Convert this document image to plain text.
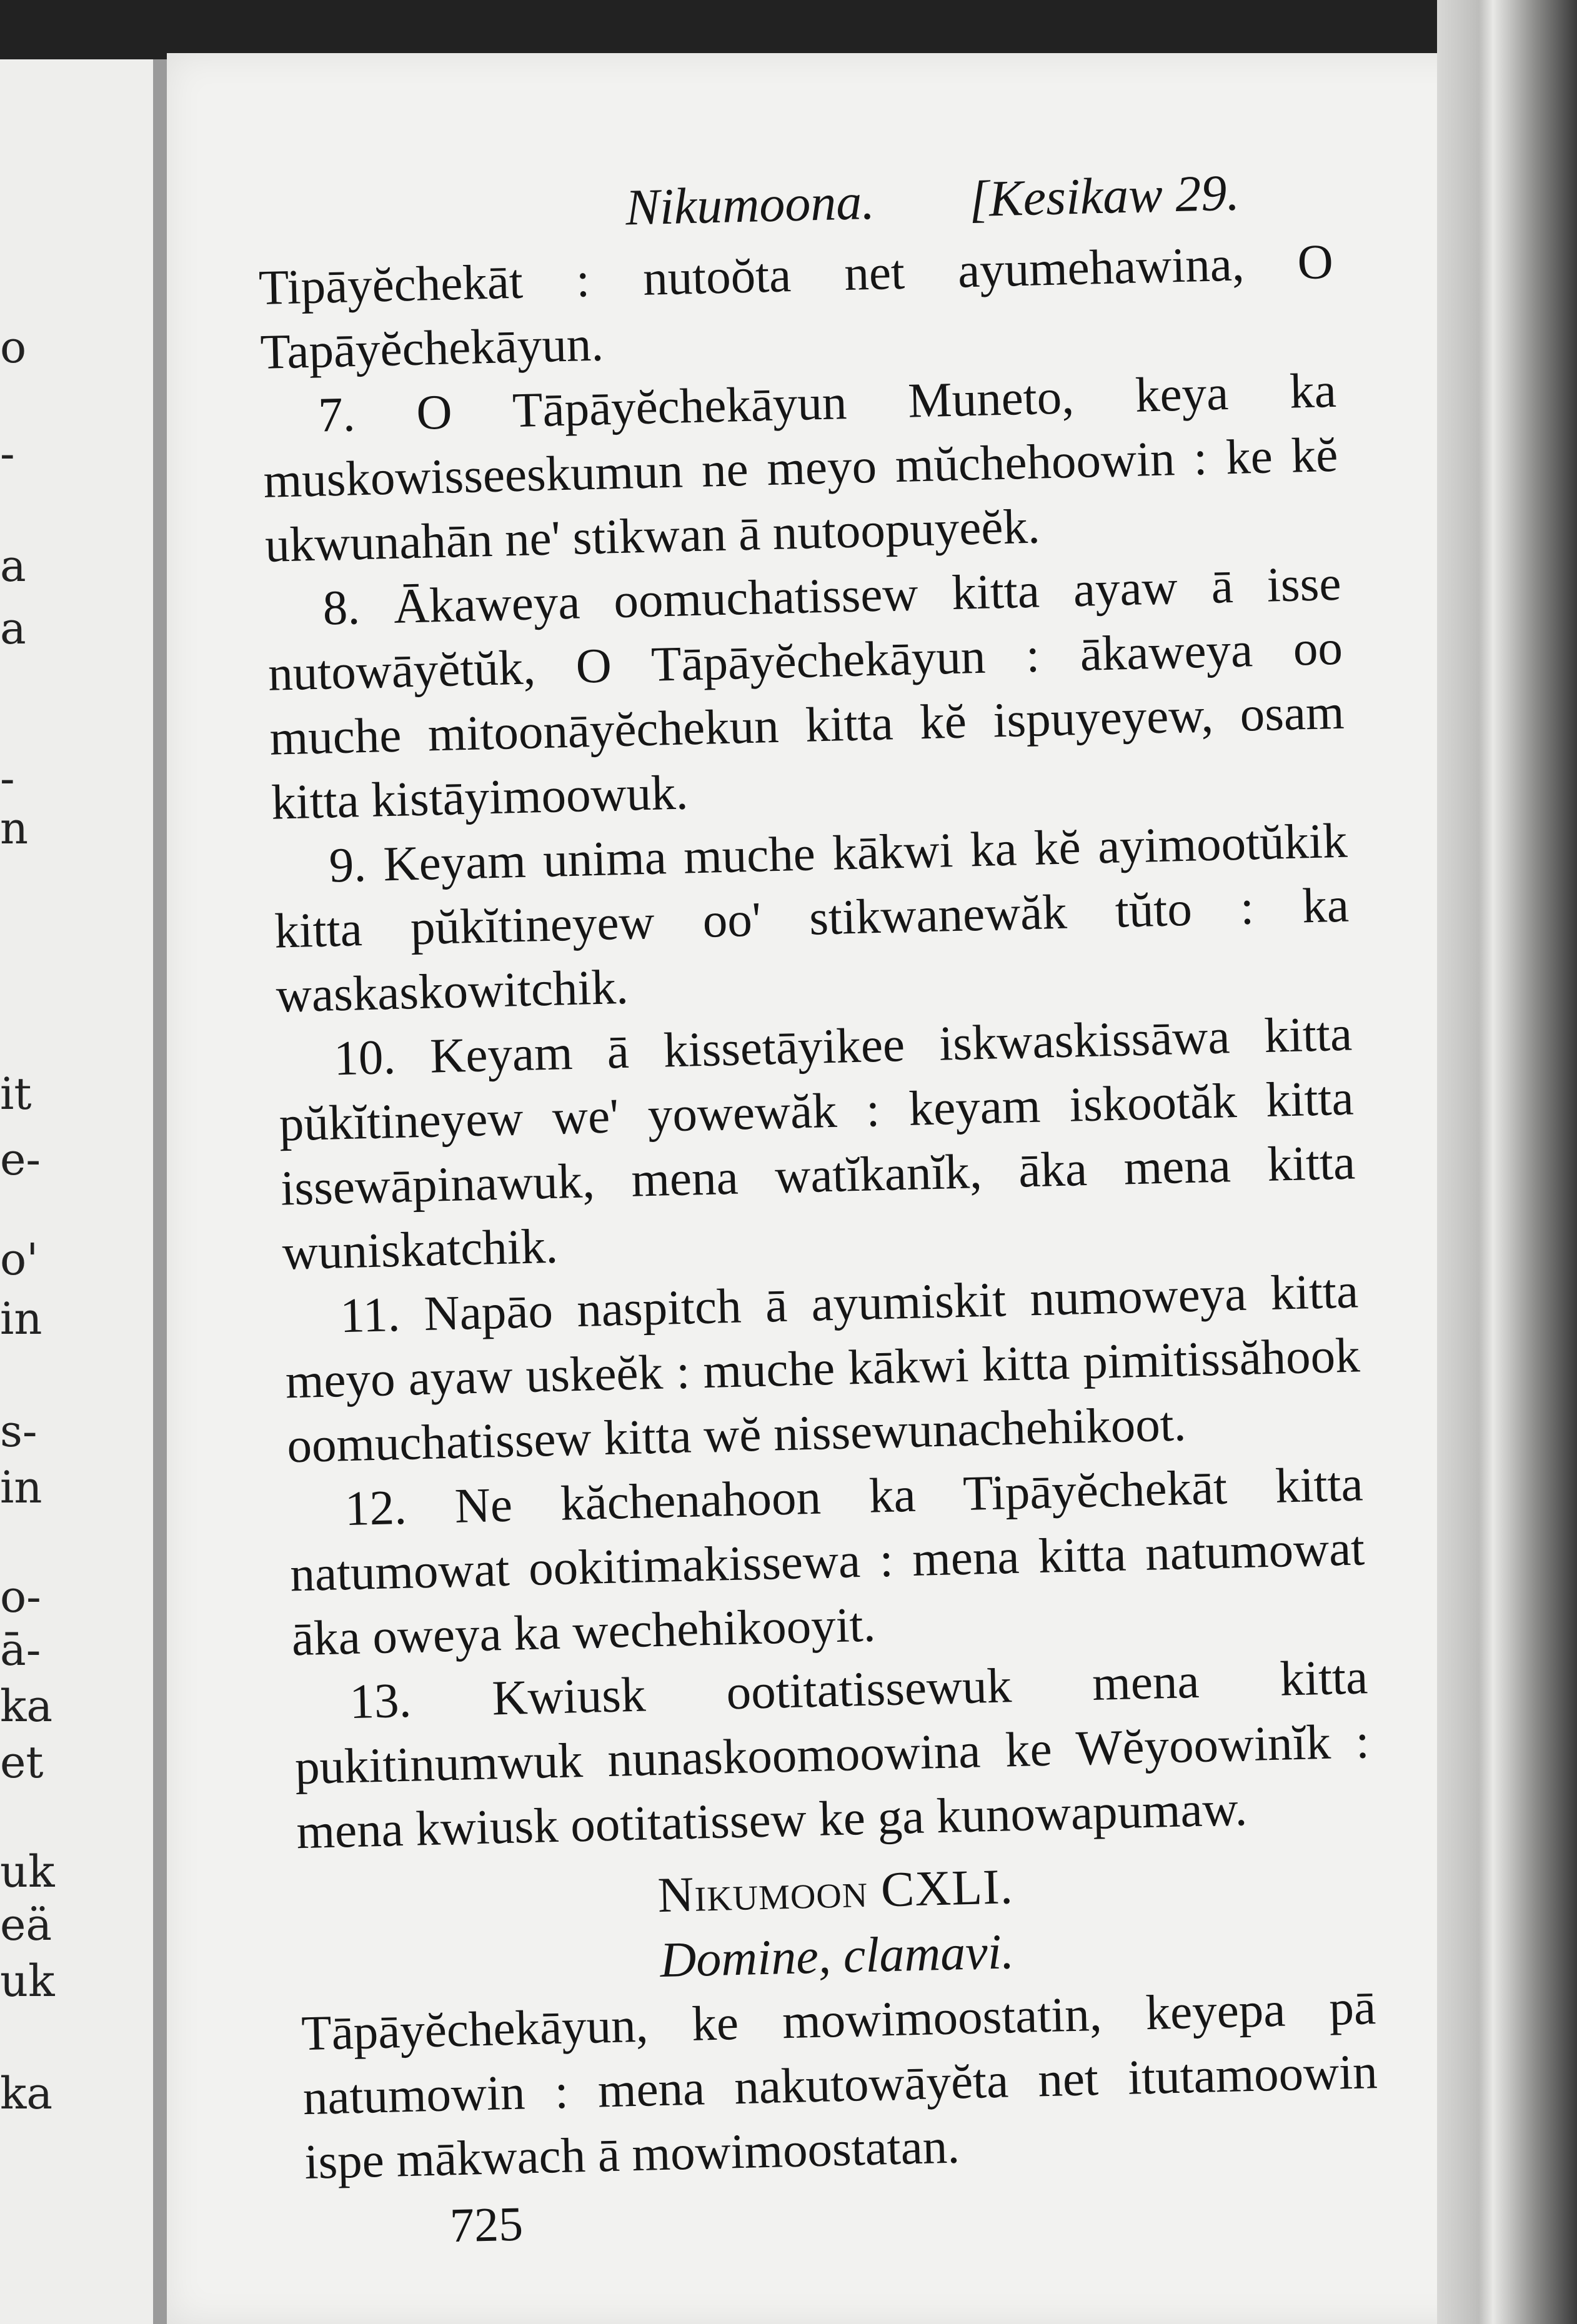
o
-
a
a
-
n
it
e-
o'
in
s-
in
o-
ā-
ka
et
uk
eä
uk
ka
Nikumoona. [Kesikaw 29.

Tipāyĕchekāt : nutoŏta net ayumehawina, O Tapāyĕchekāyun.

7. O Tāpāyĕchekāyun Muneto, keya ka muskowisseeskumun ne meyo mŭchehoowin : ke kĕ ukwunahān ne' stikwan ā nutoopuyeĕk.

8. Ākaweya oomuchatissew kitta ayaw ā isse nutowāyĕtŭk, O Tāpāyĕchekāyun : ākaweya oo muche mitoonāyĕchekun kitta kĕ ispuyeyew, osam kitta kistāyimoowuk.

9. Keyam unima muche kākwi ka kĕ ayimootŭkik kitta pŭkĭtineyew oo' stikwanewăk tŭto : ka waskaskowitchik.

10. Keyam ā kissetāyikee iskwaskissāwa kitta pŭkĭtineyew we' yowewăk : keyam iskootăk kitta issewāpinawuk, mena watĭkanĭk, āka mena kitta wuniskatchik.

11. Napāo naspitch ā ayumiskit numoweya kitta meyo ayaw uskeĕk : muche kākwi kitta pimitissăhook oomuchatissew kitta wĕ nissewunachehikoot.

12. Ne kăchenahoon ka Tipāyĕchekāt kitta natumowat ookitimakissewa : mena kitta natumowat āka oweya ka wechehikooyit.

13. Kwiusk ootitatissewuk mena kitta pukitinumwuk nunaskoomoowina ke Wĕyoowinĭk : mena kwiusk ootitatissew ke ga kunowapumaw.

Nikumoon CXLI.
Domine, clamavi.

Tāpāyĕchekāyun, ke mowimoostatin, keyepa pā natumowin : mena nakutowāyĕta net itutamoowin ispe mākwach ā mowimoostatan.

725
